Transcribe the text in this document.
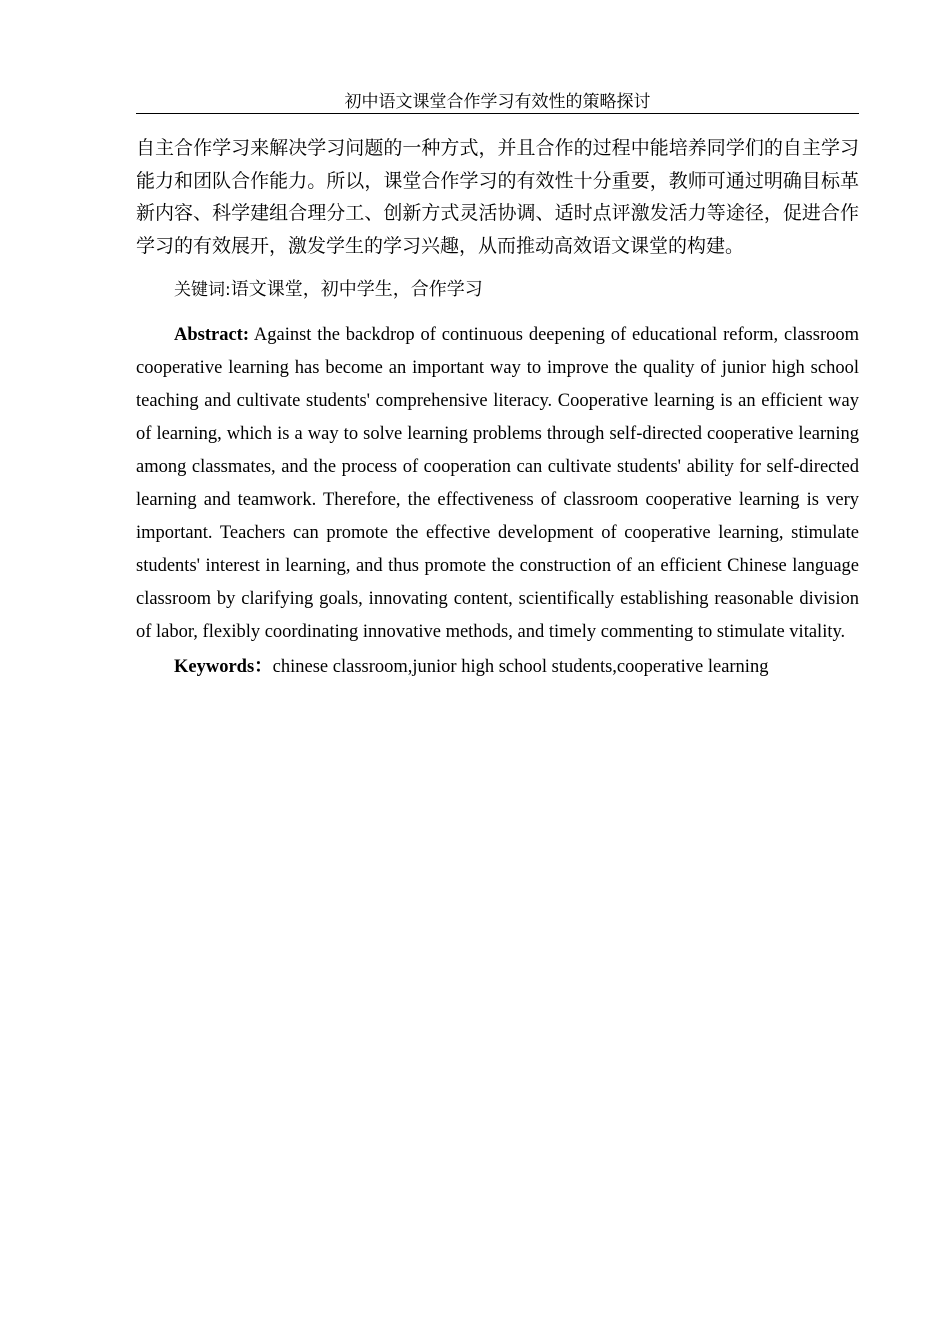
初中语文课堂合作学习有效性的策略探讨

自主合作学习来解决学习问题的一种方式，并且合作的过程中能培养同学们的自主学习能力和团队合作能力。所以，课堂合作学习的有效性十分重要，教师可通过明确目标革新内容、科学建组合理分工、创新方式灵活协调、适时点评激发活力等途径，促进合作学习的有效展开，激发学生的学习兴趣，从而推动高效语文课堂的构建。

关键词:语文课堂，初中学生，合作学习

Abstract: Against the backdrop of continuous deepening of educational reform, classroom cooperative learning has become an important way to improve the quality of junior high school teaching and cultivate students' comprehensive literacy. Cooperative learning is an efficient way of learning, which is a way to solve learning problems through self-directed cooperative learning among classmates, and the process of cooperation can cultivate students' ability for self-directed learning and teamwork. Therefore, the effectiveness of classroom cooperative learning is very important. Teachers can promote the effective development of cooperative learning, stimulate students' interest in learning, and thus promote the construction of an efficient Chinese language classroom by clarifying goals, innovating content, scientifically establishing reasonable division of labor, flexibly coordinating innovative methods, and timely commenting to stimulate vitality.

Keywords：chinese classroom,junior high school students,cooperative learning
